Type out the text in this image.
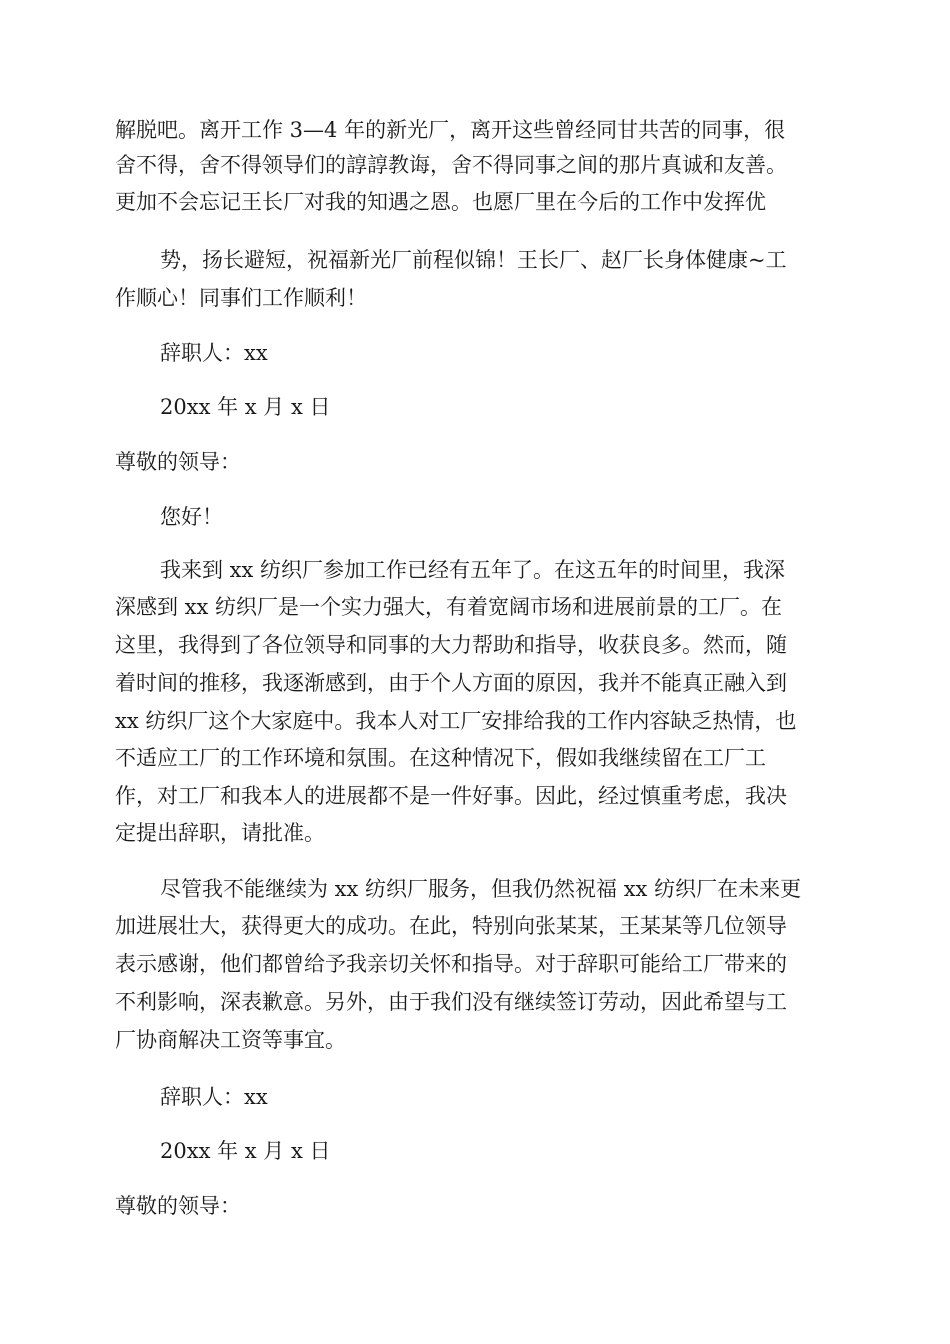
解脱吧。离开工作 3—4 年的新光厂，离开这些曾经同甘共苦的同事，很
舍不得，舍不得领导们的諄諄教诲，舍不得同事之间的那片真诚和友善。
更加不会忘记王长厂对我的知遇之恩。也愿厂里在今后的工作中发挥优
势，扬长避短，祝福新光厂前程似锦！王长厂、赵厂长身体健康~工
作顺心！同事们工作顺利！
辞职人：xx
20xx 年 x 月 x 日
尊敬的领导：
您好！
我来到 xx 纺织厂参加工作已经有五年了。在这五年的时间里，我深
深感到 xx 纺织厂是一个实力强大，有着宽阔市场和进展前景的工厂。在
这里，我得到了各位领导和同事的大力帮助和指导，收获良多。然而，随
着时间的推移，我逐渐感到，由于个人方面的原因，我并不能真正融入到
xx 纺织厂这个大家庭中。我本人对工厂安排给我的工作内容缺乏热情，也
不适应工厂的工作环境和氛围。在这种情况下，假如我继续留在工厂工
作，对工厂和我本人的进展都不是一件好事。因此，经过慎重考虑，我决
定提出辞职，请批准。
尽管我不能继续为 xx 纺织厂服务，但我仍然祝福 xx 纺织厂在未来更
加进展壮大，获得更大的成功。在此，特别向张某某，王某某等几位领导
表示感谢，他们都曾给予我亲切关怀和指导。对于辞职可能给工厂带来的
不利影响，深表歉意。另外，由于我们没有继续签订劳动，因此希望与工
厂协商解决工资等事宜。
辞职人：xx
20xx 年 x 月 x 日
尊敬的领导：
